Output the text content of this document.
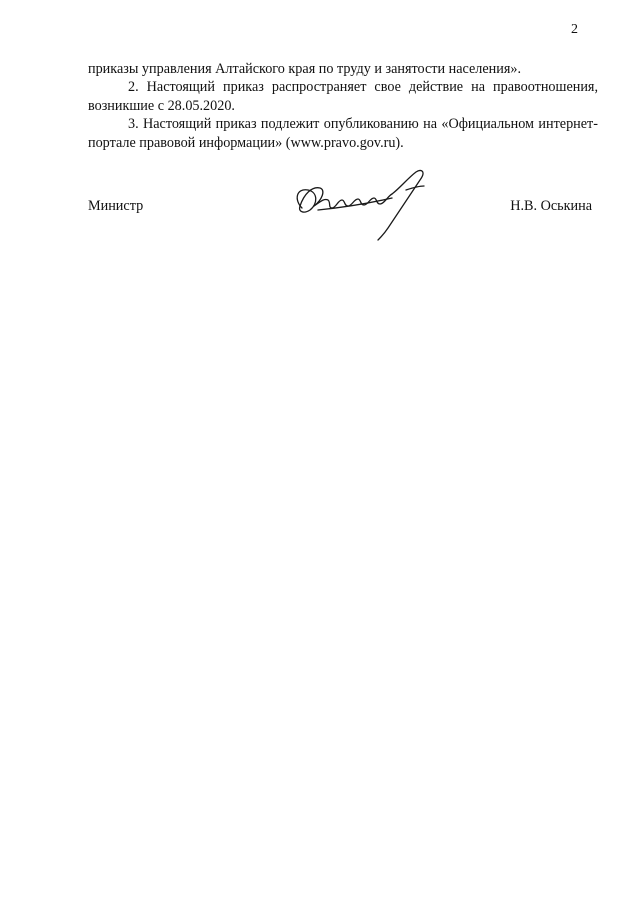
2

приказы управления Алтайского края по труду и занятости населения».

2. Настоящий приказ распространяет свое действие на правоотношения, возникшие с 28.05.2020.

3. Настоящий приказ подлежит опубликованию на «Официальном интернет-портале правовой информации» (www.pravo.gov.ru).

Министр	Н.В. Оськина
